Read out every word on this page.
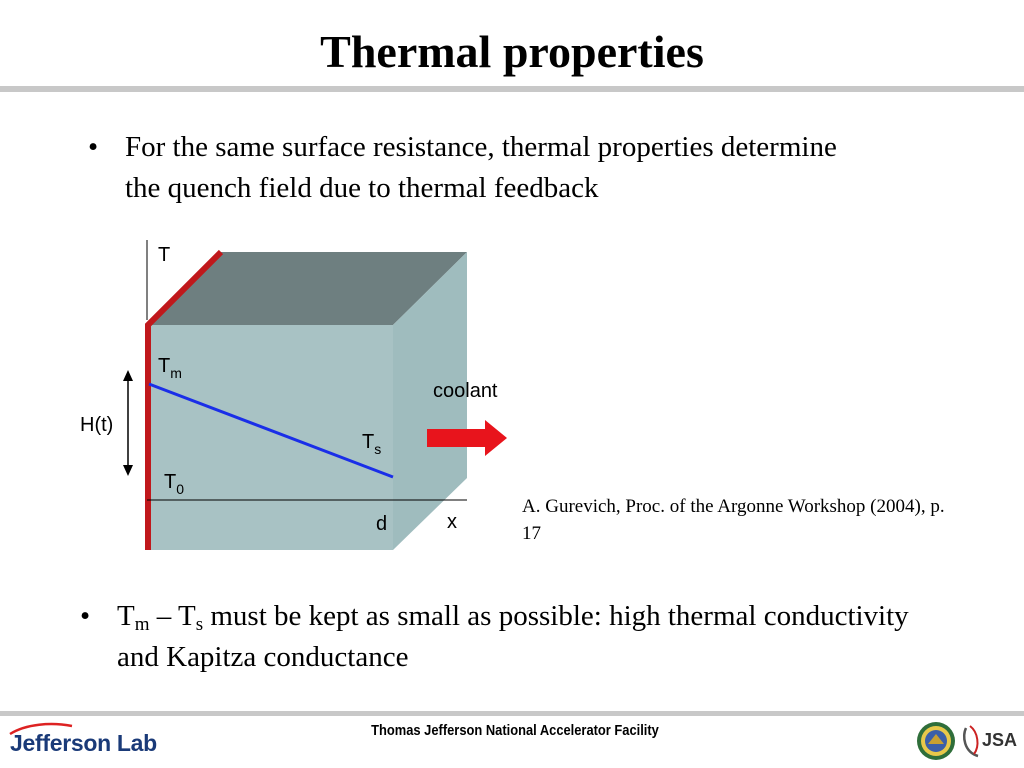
Thermal properties
• For the same surface resistance, thermal properties determine the quench field due to thermal feedback
T
$T_m$
$T_s$
$T_0$
H(t)
coolant
d	x
A. Gurevich, Proc. of the Argonne Workshop (2004), p. 17
• $T_m - T_s$ must be kept as small as possible: high thermal conductivity and Kapitza conductance
Jefferson Lab	Thomas Jefferson National Accelerator Facility	JSA
